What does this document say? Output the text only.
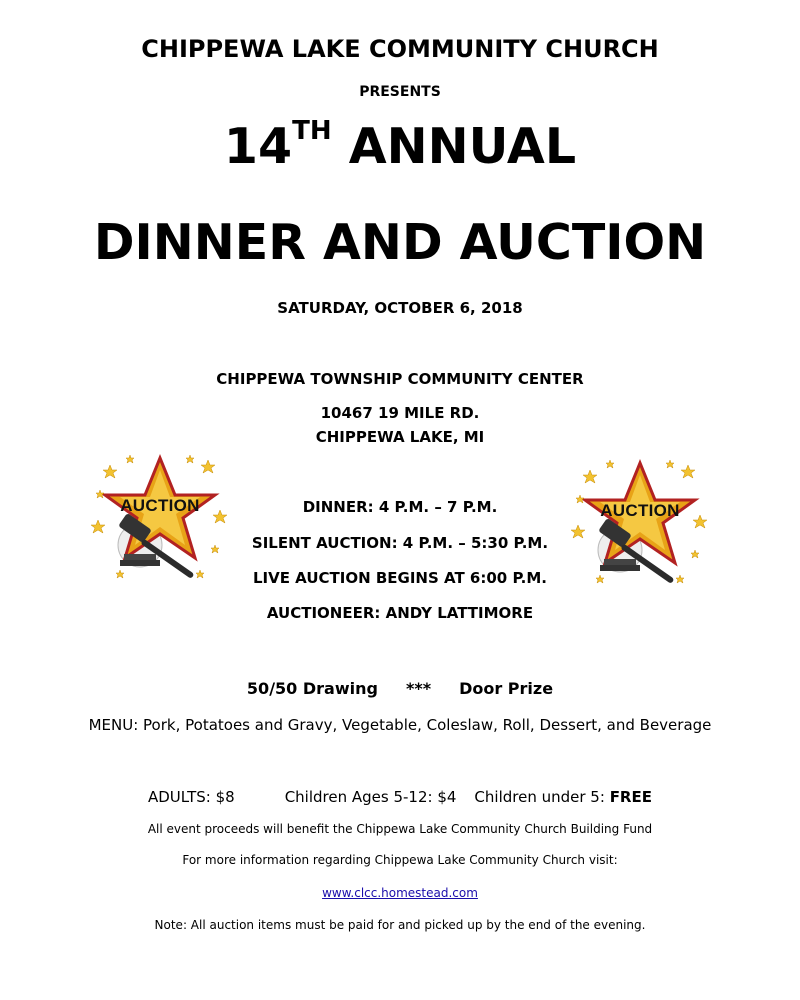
CHIPPEWA LAKE COMMUNITY CHURCH

PRESENTS

14TH ANNUAL

DINNER AND AUCTION

SATURDAY, OCTOBER 6, 2018

CHIPPEWA TOWNSHIP COMMUNITY CENTER

10467 19 MILE RD.

CHIPPEWA LAKE, MI

DINNER: 4 P.M. – 7 P.M.

SILENT AUCTION: 4 P.M. – 5:30 P.M.

LIVE AUCTION BEGINS AT 6:00 P.M.

AUCTIONEER: ANDY LATTIMORE

AUCTION	AUCTION

50/50 Drawing *** Door Prize

MENU: Pork, Potatoes and Gravy, Vegetable, Coleslaw, Roll, Dessert, and Beverage

ADULTS: $8	Children Ages 5-12: $4 Children under 5: FREE

All event proceeds will benefit the Chippewa Lake Community Church Building Fund

For more information regarding Chippewa Lake Community Church visit:

www.clcc.homestead.com

Note: All auction items must be paid for and picked up by the end of the evening.
